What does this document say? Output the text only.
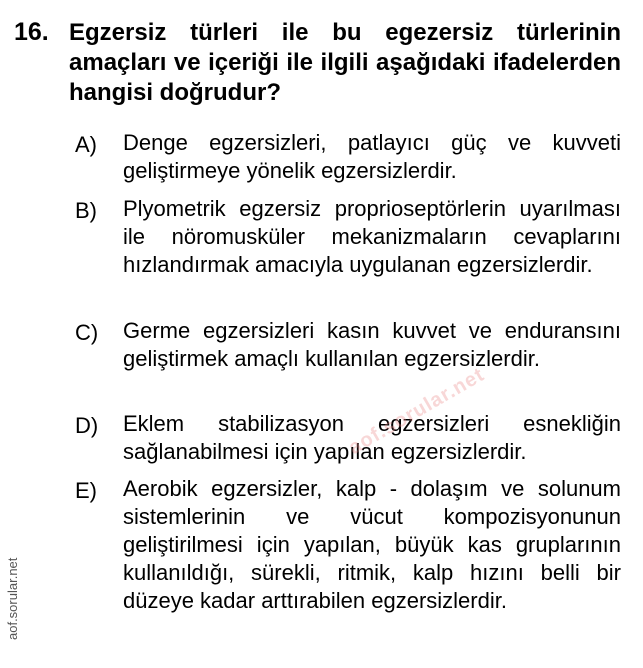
16. Egzersiz türleri ile bu egezersiz türlerinin amaçları ve içeriği ile ilgili aşağıdaki ifadelerden hangisi doğrudur?
A) Denge egzersizleri, patlayıcı güç ve kuvveti geliştirmeye yönelik egzersizlerdir.
B) Plyometrik egzersiz proprioseptörlerin uyarılması ile nöromusküler mekanizmaların cevaplarını hızlandırmak amacıyla uygulanan egzersizlerdir.
C) Germe egzersizleri kasın kuvvet ve enduransını geliştirmek amaçlı kullanılan egzersizlerdir.
D) Eklem stabilizasyon egzersizleri esnekliğin sağlanabilmesi için yapılan egzersizlerdir.
E) Aerobik egzersizler, kalp - dolaşım ve solunum sistemlerinin ve vücut kompozisyonunun geliştirilmesi için yapılan, büyük kas gruplarının kullanıldığı, sürekli, ritmik, kalp hızını belli bir düzeye kadar arttırabilen egzersizlerdir.
aof.sorular.net
aof.sorular.net
